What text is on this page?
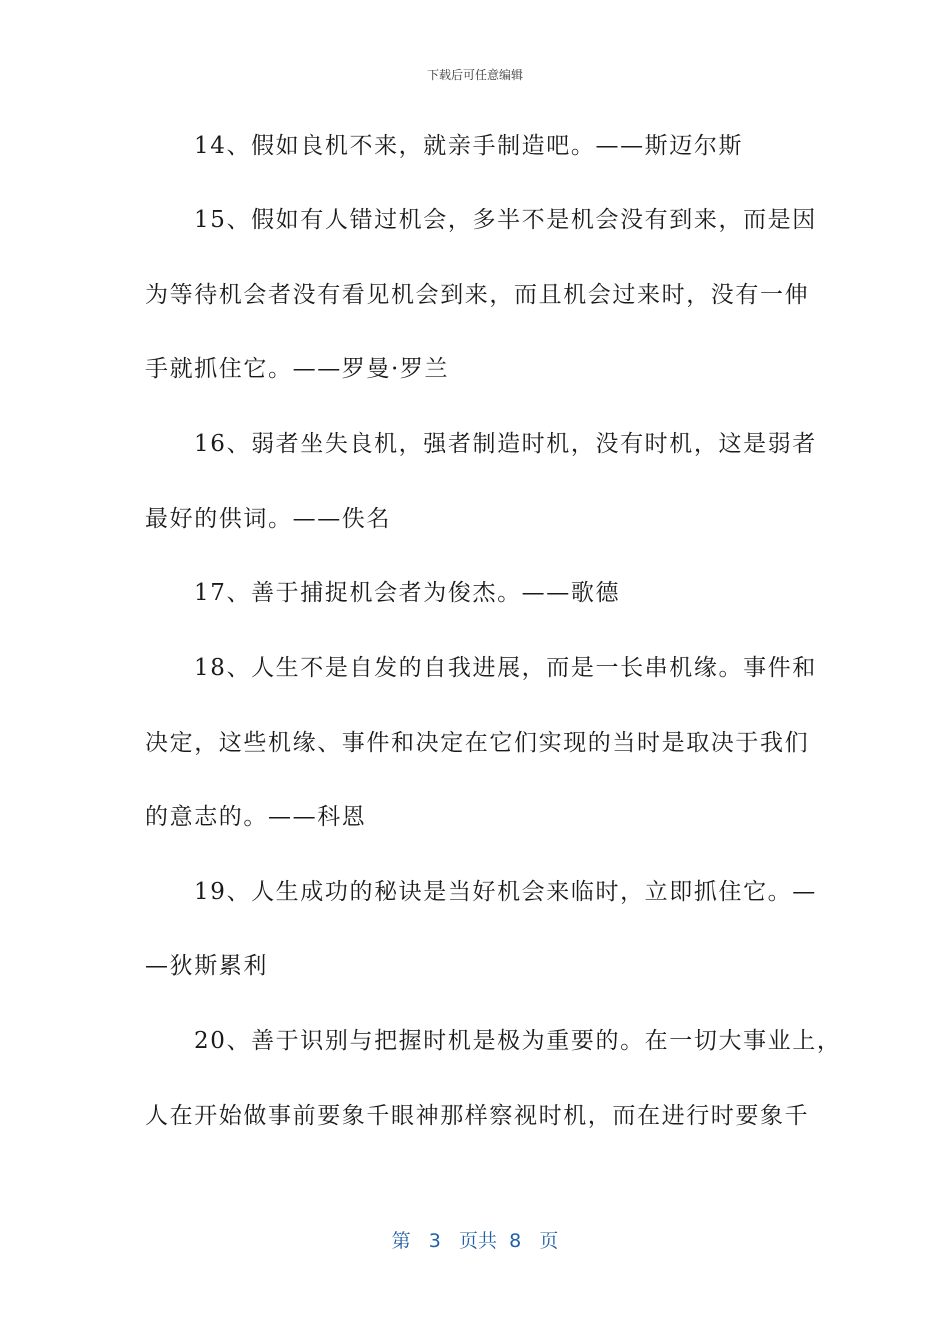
下载后可任意编辑
14、假如良机不来，就亲手制造吧。——斯迈尔斯
15、假如有人错过机会，多半不是机会没有到来，而是因
为等待机会者没有看见机会到来，而且机会过来时，没有一伸
手就抓住它。——罗曼·罗兰
16、弱者坐失良机，强者制造时机，没有时机，这是弱者
最好的供词。——佚名
17、善于捕捉机会者为俊杰。——歌德
18、人生不是自发的自我进展，而是一长串机缘。事件和
决定，这些机缘、事件和决定在它们实现的当时是取决于我们
的意志的。——科恩
19、人生成功的秘诀是当好机会来临时，立即抓住它。—
—狄斯累利
20、善于识别与把握时机是极为重要的。在一切大事业上，
人在开始做事前要象千眼神那样察视时机，而在进行时要象千
第 3 页共 8 页
